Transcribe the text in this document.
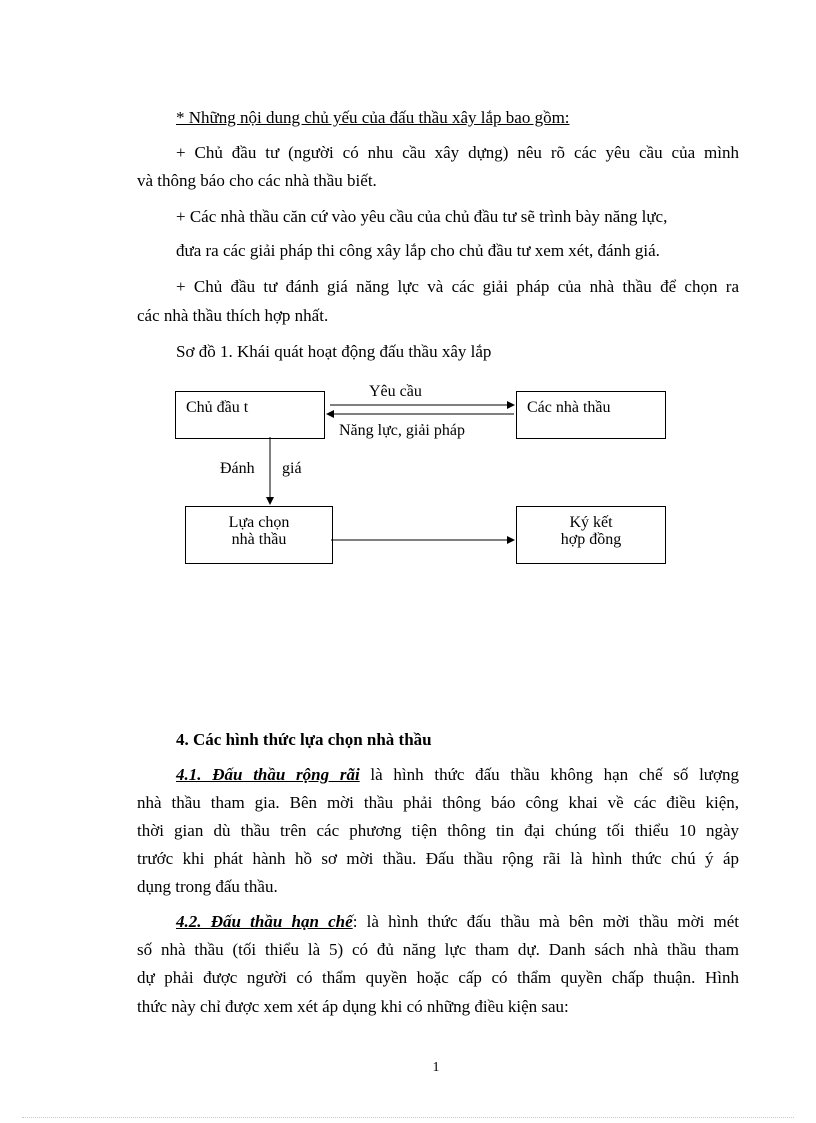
* Những nội dung chủ yếu của đấu thầu xây lắp bao gồm:
+ Chủ đầu tư (người có nhu cầu xây dựng) nêu rõ các yêu cầu của mình
và thông báo cho các nhà thầu biết.
+ Các nhà thầu căn cứ vào yêu cầu của chủ đầu tư sẽ trình bày năng lực,
đưa ra các giải pháp thi công xây lắp cho chủ đầu tư xem xét, đánh giá.
+ Chủ đầu tư đánh giá năng lực và các giải pháp của nhà thầu để chọn ra
các nhà thầu thích hợp nhất.
Sơ đồ 1. Khái quát hoạt động đấu thầu xây lắp
Chủ đầu t	Các nhà thầu
Lựa chọn
nhà thầu
Ký kết
hợp đồng
Yêu cầu
Năng lực, giải pháp
Đánh giá
4. Các hình thức lựa chọn nhà thầu
4.1. Đấu thầu rộng rãi là hình thức đấu thầu không hạn chế số lượng
nhà thầu tham gia. Bên mời thầu phải thông báo công khai về các điều kiện,
thời gian dù thầu trên các phương tiện thông tin đại chúng tối thiểu 10 ngày
trước khi phát hành hồ sơ mời thầu. Đấu thầu rộng rãi là hình thức chú ý áp
dụng trong đấu thầu.
4.2. Đấu thầu hạn chế: là hình thức đấu thầu mà bên mời thầu mời mét
số nhà thầu (tối thiểu là 5) có đủ năng lực tham dự. Danh sách nhà thầu tham
dự phải được người có thẩm quyền hoặc cấp có thẩm quyền chấp thuận. Hình
thức này chỉ được xem xét áp dụng khi có những điều kiện sau:
1
